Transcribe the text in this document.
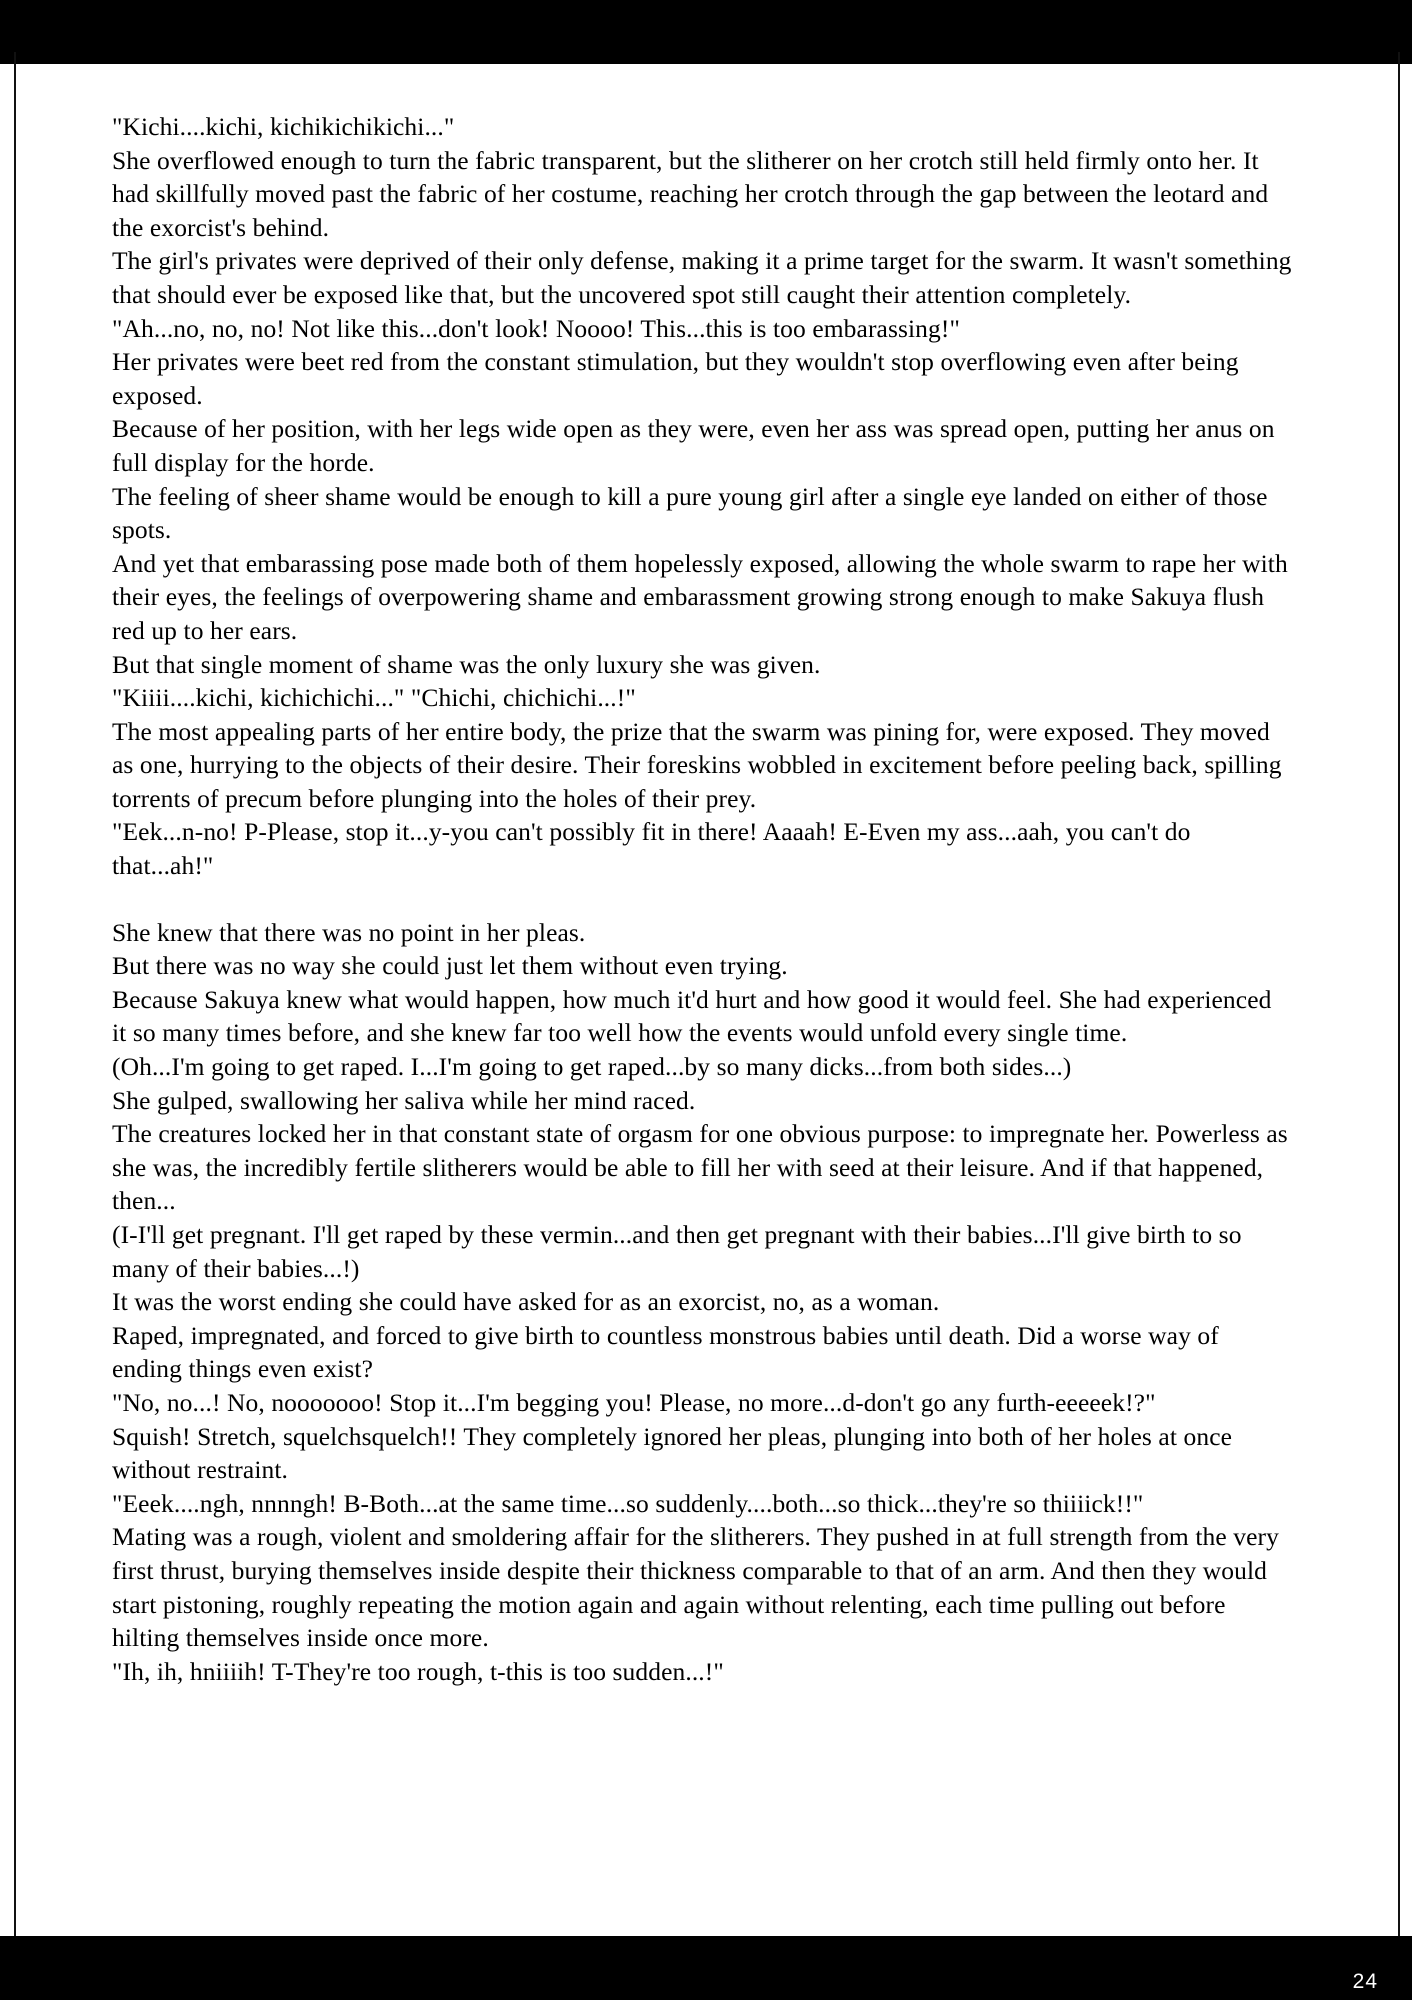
"Kichi....kichi, kichikichikichi..."

She overflowed enough to turn the fabric transparent, but the slitherer on her crotch still held firmly onto her. It had skillfully moved past the fabric of her costume, reaching her crotch through the gap between the leotard and the exorcist's behind.

The girl's privates were deprived of their only defense, making it a prime target for the swarm. It wasn't something that should ever be exposed like that, but the uncovered spot still caught their attention completely.

"Ah...no, no, no! Not like this...don't look! Noooo! This...this is too embarassing!"

Her privates were beet red from the constant stimulation, but they wouldn't stop overflowing even after being exposed.

Because of her position, with her legs wide open as they were, even her ass was spread open, putting her anus on full display for the horde.

The feeling of sheer shame would be enough to kill a pure young girl after a single eye landed on either of those spots.

And yet that embarassing pose made both of them hopelessly exposed, allowing the whole swarm to rape her with their eyes, the feelings of overpowering shame and embarassment growing strong enough to make Sakuya flush red up to her ears.

But that single moment of shame was the only luxury she was given.

"Kiiii....kichi, kichichichi..." "Chichi, chichichi...!"

The most appealing parts of her entire body, the prize that the swarm was pining for, were exposed. They moved as one, hurrying to the objects of their desire. Their foreskins wobbled in excitement before peeling back, spilling torrents of precum before plunging into the holes of their prey.

"Eek...n-no! P-Please, stop it...y-you can't possibly fit in there! Aaaah! E-Even my ass...aah, you can't do that...ah!"

She knew that there was no point in her pleas.

But there was no way she could just let them without even trying.

Because Sakuya knew what would happen, how much it'd hurt and how good it would feel. She had experienced it so many times before, and she knew far too well how the events would unfold every single time.

(Oh...I'm going to get raped. I...I'm going to get raped...by so many dicks...from both sides...)

She gulped, swallowing her saliva while her mind raced.

The creatures locked her in that constant state of orgasm for one obvious purpose: to impregnate her. Powerless as she was, the incredibly fertile slitherers would be able to fill her with seed at their leisure. And if that happened, then...

(I-I'll get pregnant. I'll get raped by these vermin...and then get pregnant with their babies...I'll give birth to so many of their babies...!)

It was the worst ending she could have asked for as an exorcist, no, as a woman.

Raped, impregnated, and forced to give birth to countless monstrous babies until death. Did a worse way of ending things even exist?

"No, no...! No, nooooooo! Stop it...I'm begging you! Please, no more...d-don't go any furth-eeeeek!?"

Squish! Stretch, squelchsquelch!! They completely ignored her pleas, plunging into both of her holes at once without restraint.

"Eeek....ngh, nnnngh! B-Both...at the same time...so suddenly....both...so thick...they're so thiiiick!!"

Mating was a rough, violent and smoldering affair for the slitherers. They pushed in at full strength from the very first thrust, burying themselves inside despite their thickness comparable to that of an arm. And then they would start pistoning, roughly repeating the motion again and again without relenting, each time pulling out before hilting themselves inside once more.

"Ih, ih, hniiiih! T-They're too rough, t-this is too sudden...!"

24
